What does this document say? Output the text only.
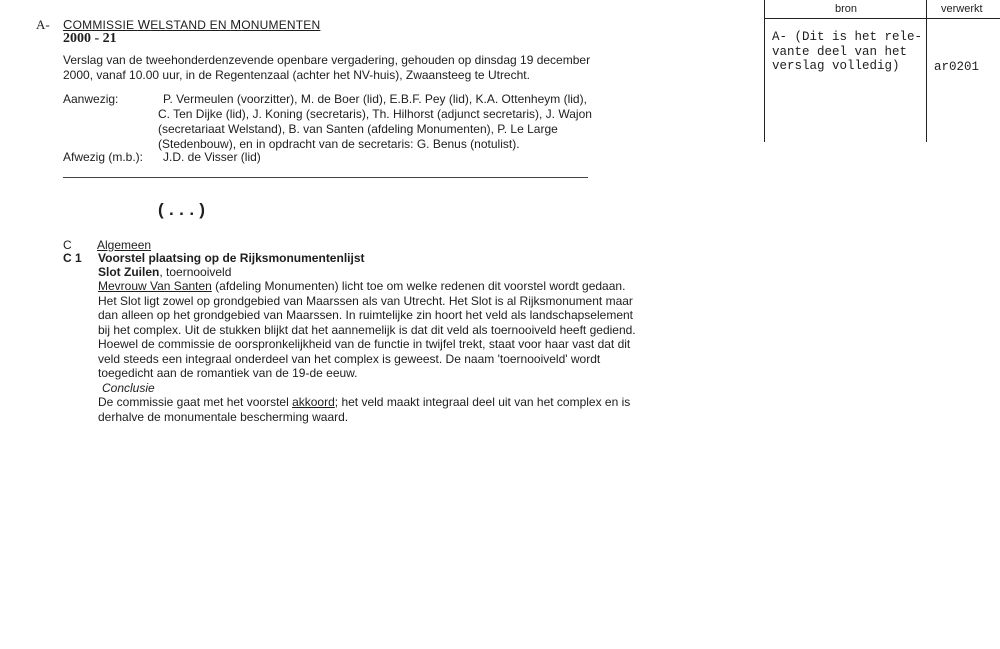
A- COMMISSIE WELSTAND EN MONUMENTEN
2000 - 21
Verslag van de tweehonderdenzevende openbare vergadering, gehouden op dinsdag 19 december
2000, vanaf 10.00 uur, in de Regentenzaal (achter het NV-huis), Zwaansteeg te Utrecht.
Aanwezig:	P. Vermeulen (voorzitter), M. de Boer (lid), E.B.F. Pey (lid), K.A. Ottenheym (lid),
C. Ten Dijke (lid), J. Koning (secretaris), Th. Hilhorst (adjunct secretaris), J. Wajon
(secretariaat Welstand), B. van Santen (afdeling Monumenten), P. Le Large
(Stedenbouw), en in opdracht van de secretaris: G. Benus (notulist).
Afwezig (m.b.): J.D. de Visser (lid)
(...)
C Algemeen
C 1 Voorstel plaatsing op de Rijksmonumentenlijst
Slot Zuilen, toernooiveld
Mevrouw Van Santen (afdeling Monumenten) licht toe om welke redenen dit voorstel wordt gedaan.
Het Slot ligt zowel op grondgebied van Maarssen als van Utrecht. Het Slot is al Rijksmonument maar
dan alleen op het grondgebied van Maarssen. In ruimtelijke zin hoort het veld als landschapselement
bij het complex. Uit de stukken blijkt dat het aannemelijk is dat dit veld als toernooiveld heeft gediend.
Hoewel de commissie de oorspronkelijkheid van de functie in twijfel trekt, staat voor haar vast dat dit
veld steeds een integraal onderdeel van het complex is geweest. De naam 'toernooiveld' wordt
toegedicht aan de romantiek van de 19-de eeuw.
Conclusie
De commissie gaat met het voorstel akkoord; het veld maakt integraal deel uit van het complex en is
derhalve de monumentale bescherming waard.
bron	verwerkt
A- (Dit is het rele-
vante deel van het
verslag volledig)	ar0201
